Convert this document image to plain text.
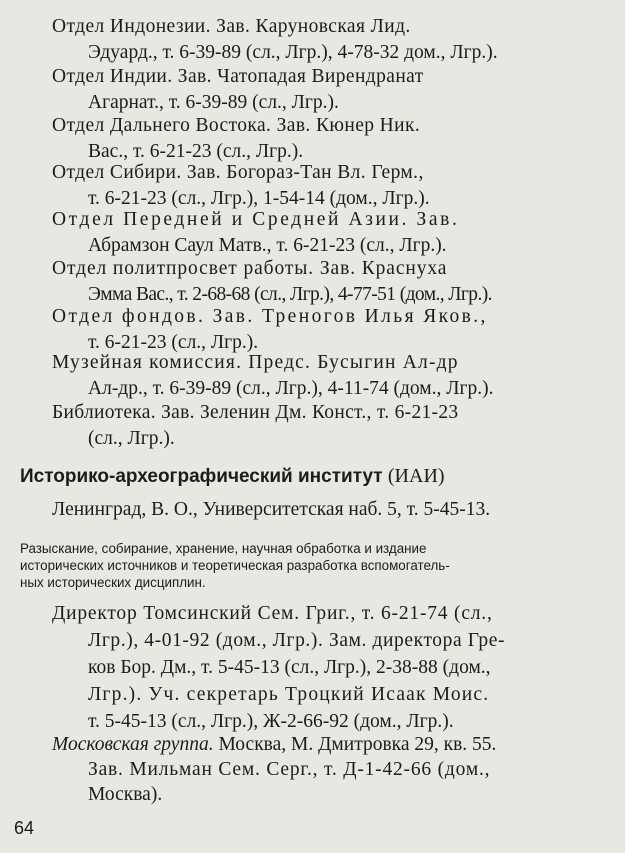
Отдел Индонезии. Зав. Каруновская Лид.
Эдуард., т. 6-39-89 (сл., Лгр.), 4-78-32 дом., Лгр.).
Отдел Индии. Зав. Чатопадая Вирендранат
Агарнат., т. 6-39-89 (сл., Лгр.).
Отдел Дальнего Востока. Зав. Кюнер Ник.
Вас., т. 6-21-23 (сл., Лгр.).
Отдел Сибири. Зав. Богораз-Тан Вл. Герм.,
т. 6-21-23 (сл., Лгр.), 1-54-14 (дом., Лгр.).
Отдел Передней и Средней Азии. Зав.
Абрамзон Саул Матв., т. 6-21-23 (сл., Лгр.).
Отдел политпросвет работы. Зав. Краснуха
Эмма Вас., т. 2-68-68 (сл., Лгр.), 4-77-51 (дом., Лгр.).
Отдел фондов. Зав. Треногов Илья Яков.,
т. 6-21-23 (сл., Лгр.).
Музейная комиссия. Предс. Бусыгин Ал-др
Ал-др., т. 6-39-89 (сл., Лгр.), 4-11-74 (дом., Лгр.).
Библиотека. Зав. Зеленин Дм. Конст., т. 6-21-23
(сл., Лгр.).
Историко-археографический институт (ИАИ)
Ленинград, В. О., Университетская наб. 5, т. 5-45-13.
Разыскание, собирание, хранение, научная обработка и издание
исторических источников и теоретическая разработка вспомогатель-
ных исторических дисциплин.
Директор Томсинский Сем. Григ., т. 6-21-74 (сл.,
Лгр.), 4-01-92 (дом., Лгр.). Зам. директора Гре-
ков Бор. Дм., т. 5-45-13 (сл., Лгр.), 2-38-88 (дом.,
Лгр.). Уч. секретарь Троцкий Исаак Моис.
т. 5-45-13 (сл., Лгр.), Ж-2-66-92 (дом., Лгр.).
Московская группа. Москва, М. Дмитровка 29, кв. 55.
Зав. Мильман Сем. Серг., т. Д-1-42-66 (дом.,
Москва).
64
